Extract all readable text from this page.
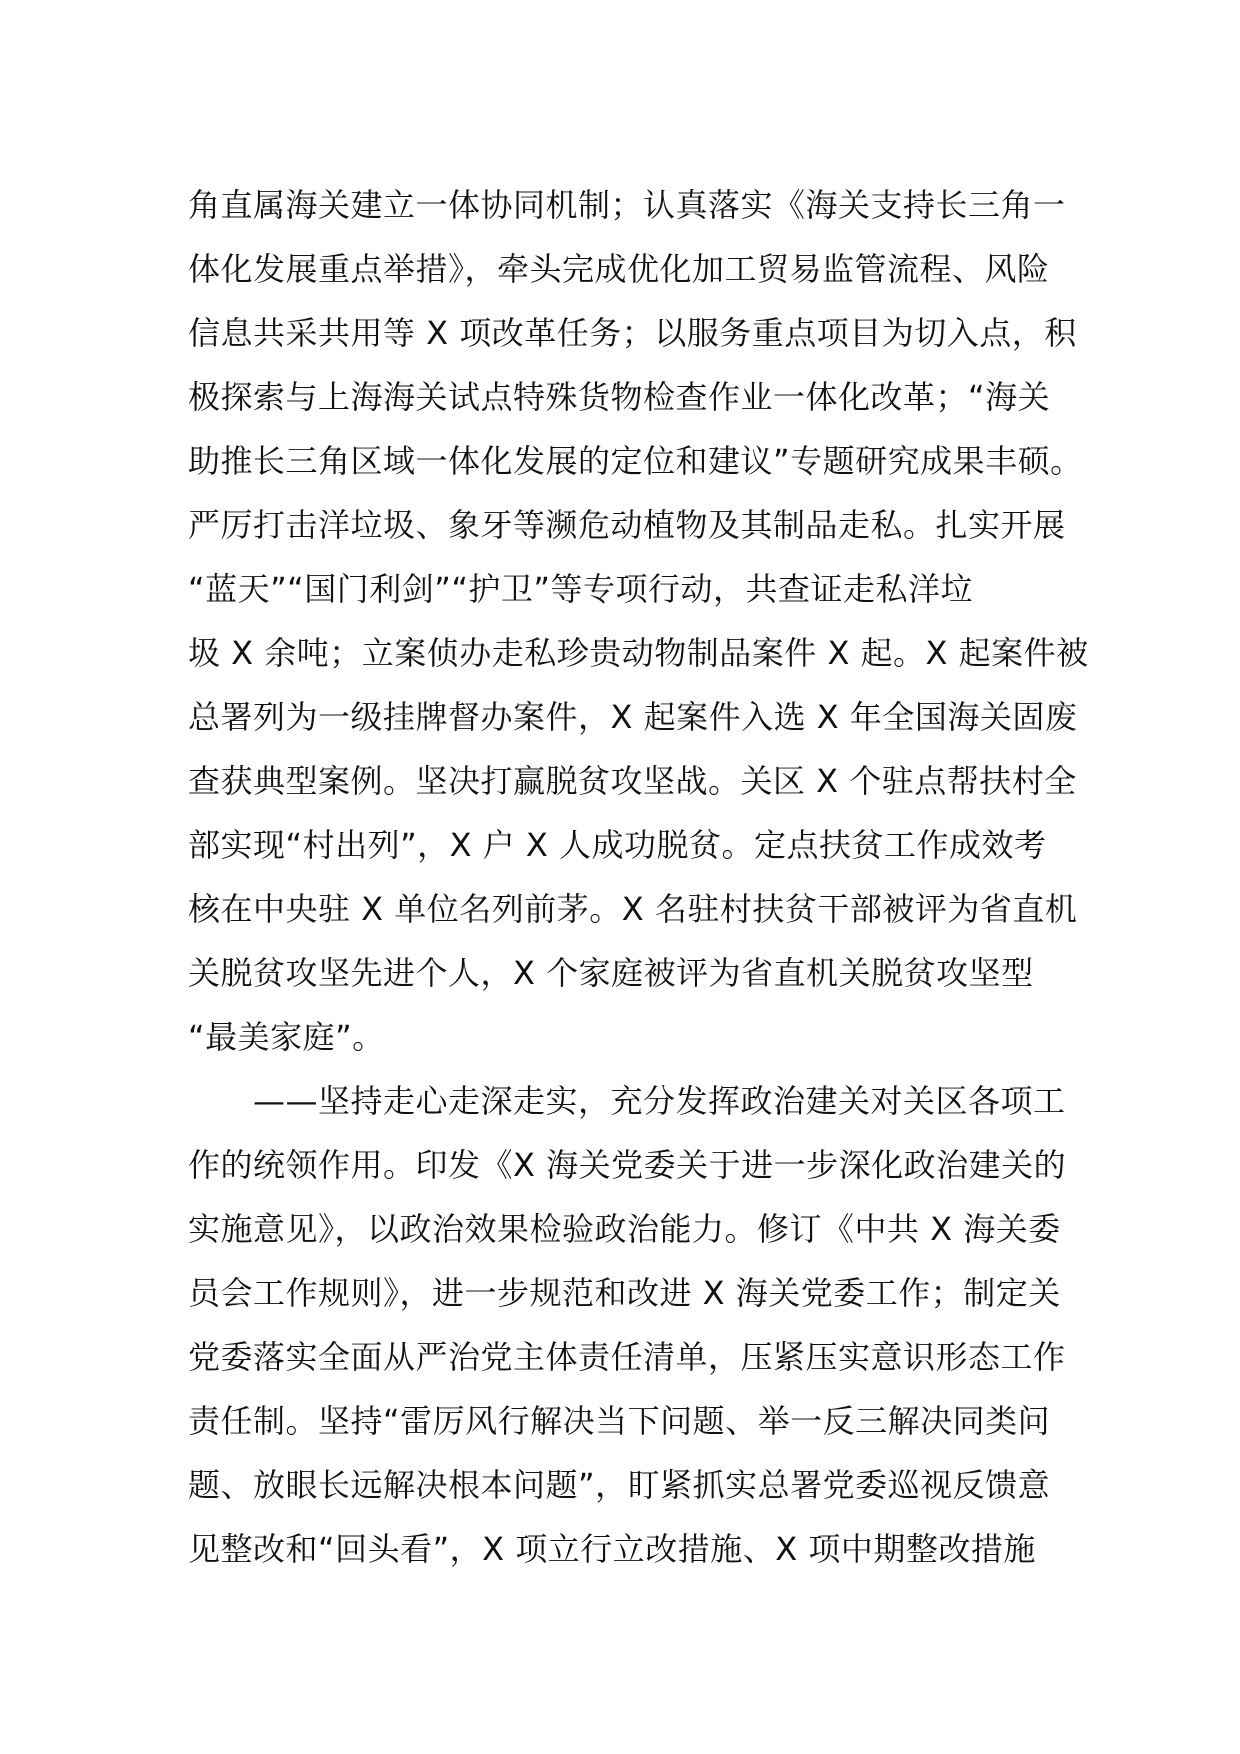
角直属海关建立一体协同机制；认真落实《海关支持长三角一
体化发展重点举措》，牵头完成优化加工贸易监管流程、风险
信息共采共用等 X 项改革任务；以服务重点项目为切入点，积
极探索与上海海关试点特殊货物检查作业一体化改革；“海关
助推长三角区域一体化发展的定位和建议”专题研究成果丰硕。
严厉打击洋垃圾、象牙等濒危动植物及其制品走私。扎实开展
“蓝天”“国门利剑”“护卫”等专项行动，共查证走私洋垃
圾 X 余吨；立案侦办走私珍贵动物制品案件 X 起。X 起案件被
总署列为一级挂牌督办案件，X 起案件入选 X 年全国海关固废
查获典型案例。坚决打赢脱贫攻坚战。关区 X 个驻点帮扶村全
部实现“村出列”，X 户 X 人成功脱贫。定点扶贫工作成效考
核在中央驻 X 单位名列前茅。X 名驻村扶贫干部被评为省直机
关脱贫攻坚先进个人，X 个家庭被评为省直机关脱贫攻坚型
“最美家庭”。
　　——坚持走心走深走实，充分发挥政治建关对关区各项工
作的统领作用。印发《X 海关党委关于进一步深化政治建关的
实施意见》，以政治效果检验政治能力。修订《中共 X 海关委
员会工作规则》，进一步规范和改进 X 海关党委工作；制定关
党委落实全面从严治党主体责任清单，压紧压实意识形态工作
责任制。坚持“雷厉风行解决当下问题、举一反三解决同类问
题、放眼长远解决根本问题”，盯紧抓实总署党委巡视反馈意
见整改和“回头看”，X 项立行立改措施、X 项中期整改措施
